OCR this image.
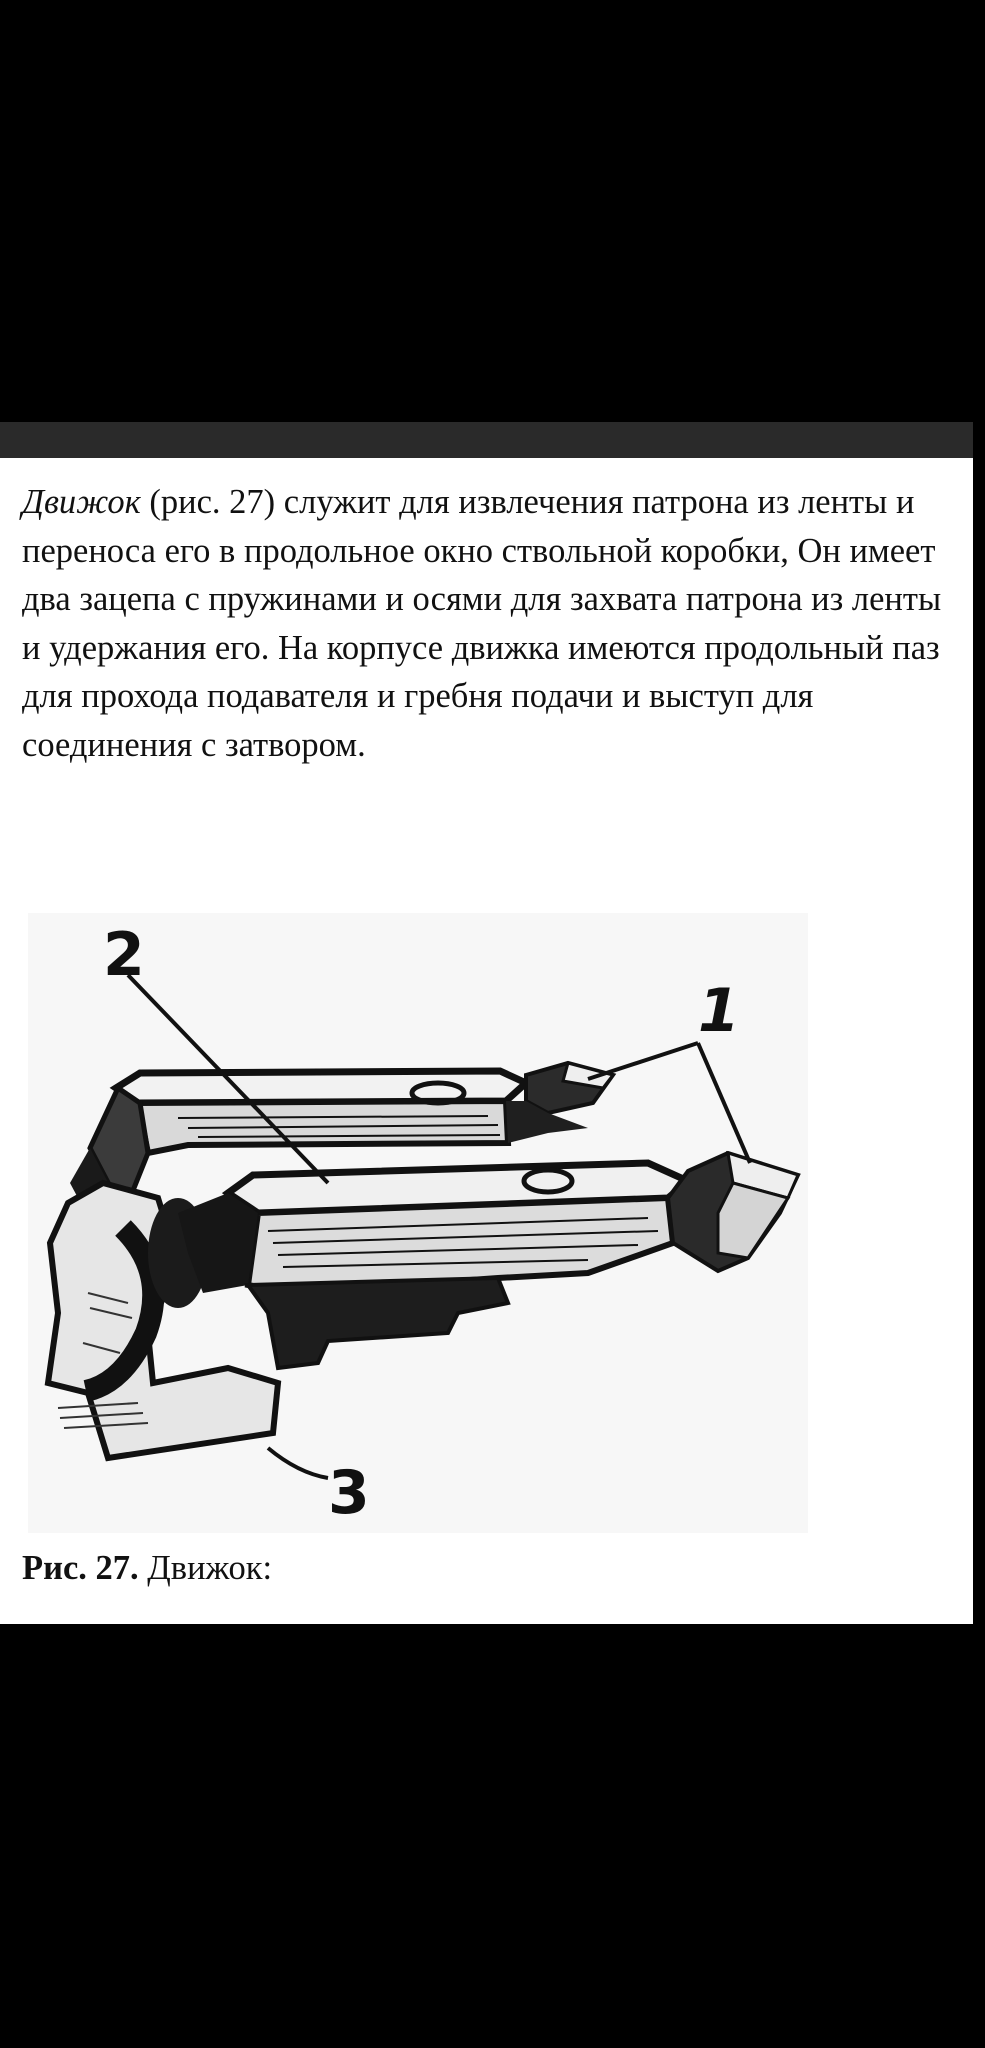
Движок (рис. 27) служит для извлечения патрона из ленты и переноса его в продольное окно ствольной коробки, Он имеет два зацепа с пружинами и осями для захвата патрона из ленты и удержания его. На корпусе движка имеются продольный паз для прохода подавателя и гребня подачи и выступ для соединения с затвором.

2
1
3
Рис. 27. Движок:
